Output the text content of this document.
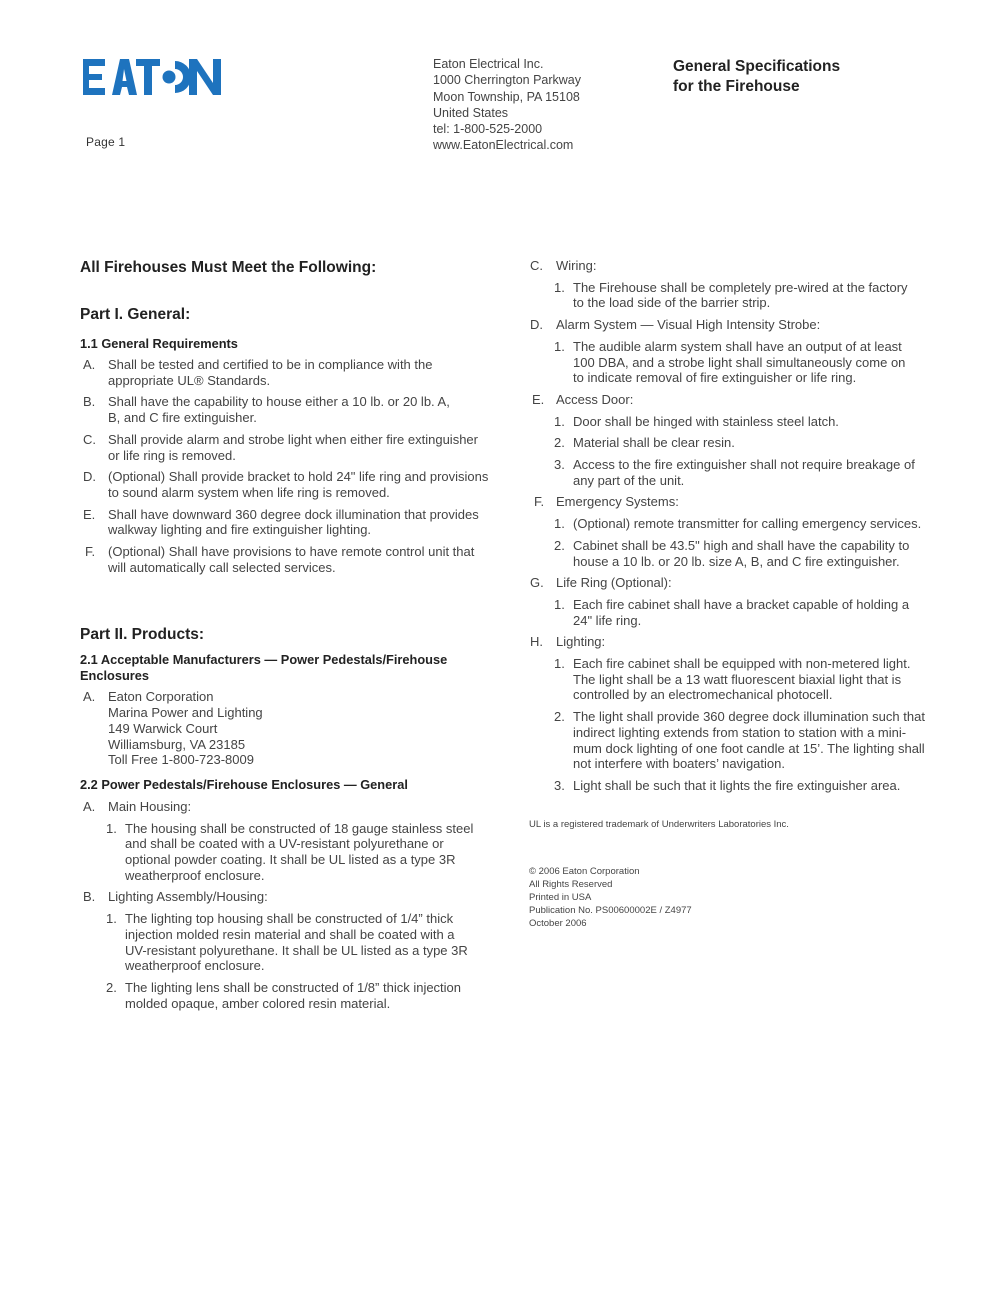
Page 1
Eaton Electrical Inc.
1000 Cherrington Parkway
Moon Township, PA 15108
United States
tel: 1-800-525-2000
www.EatonElectrical.com
General Specifications
for the Firehouse
All Firehouses Must Meet the Following:
Part I. General:
1.1 General Requirements
A. Shall be tested and certified to be in compliance with the
appropriate UL® Standards.
B. Shall have the capability to house either a 10 lb. or 20 lb. A,
B, and C fire extinguisher.
C. Shall provide alarm and strobe light when either fire extinguisher
or life ring is removed.
D. (Optional) Shall provide bracket to hold 24" life ring and provisions
to sound alarm system when life ring is removed.
E. Shall have downward 360 degree dock illumination that provides
walkway lighting and fire extinguisher lighting.
F. (Optional) Shall have provisions to have remote control unit that
will automatically call selected services.
Part II. Products:
2.1 Acceptable Manufacturers — Power Pedestals/Firehouse
Enclosures
A. Eaton Corporation
Marina Power and Lighting
149 Warwick Court
Williamsburg, VA 23185
Toll Free 1-800-723-8009
2.2 Power Pedestals/Firehouse Enclosures — General
A. Main Housing:
1. The housing shall be constructed of 18 gauge stainless steel
and shall be coated with a UV-resistant polyurethane or
optional powder coating. It shall be UL listed as a type 3R
weatherproof enclosure.
B. Lighting Assembly/Housing:
1. The lighting top housing shall be constructed of 1/4” thick
injection molded resin material and shall be coated with a
UV-resistant polyurethane. It shall be UL listed as a type 3R
weatherproof enclosure.
2. The lighting lens shall be constructed of 1/8” thick injection
molded opaque, amber colored resin material.
C. Wiring:
1. The Firehouse shall be completely pre-wired at the factory
to the load side of the barrier strip.
D. Alarm System — Visual High Intensity Strobe:
1. The audible alarm system shall have an output of at least
100 DBA, and a strobe light shall simultaneously come on
to indicate removal of fire extinguisher or life ring.
E. Access Door:
1. Door shall be hinged with stainless steel latch.
2. Material shall be clear resin.
3. Access to the fire extinguisher shall not require breakage of
any part of the unit.
F. Emergency Systems:
1. (Optional) remote transmitter for calling emergency services.
2. Cabinet shall be 43.5" high and shall have the capability to
house a 10 lb. or 20 lb. size A, B, and C fire extinguisher.
G. Life Ring (Optional):
1. Each fire cabinet shall have a bracket capable of holding a
24" life ring.
H. Lighting:
1. Each fire cabinet shall be equipped with non-metered light.
The light shall be a 13 watt fluorescent biaxial light that is
controlled by an electromechanical photocell.
2. The light shall provide 360 degree dock illumination such that
indirect lighting extends from station to station with a mini-
mum dock lighting of one foot candle at 15’. The lighting shall
not interfere with boaters’ navigation.
3. Light shall be such that it lights the fire extinguisher area.
UL is a registered trademark of Underwriters Laboratories Inc.
© 2006 Eaton Corporation
All Rights Reserved
Printed in USA
Publication No. PS00600002E / Z4977
October 2006
